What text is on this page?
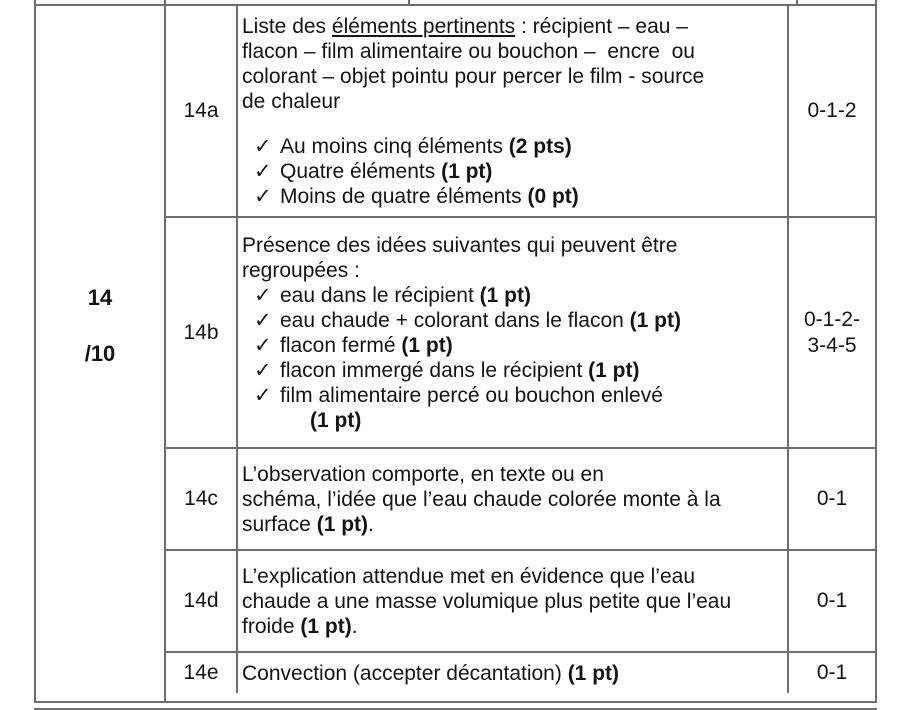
14
/10
14a
Liste des éléments pertinents : récipient – eau –
flacon – film alimentaire ou bouchon –  encre  ou
colorant – objet pointu pour percer le film - source
de chaleur
✓ Au moins cinq éléments (2 pts)
✓ Quatre éléments (1 pt)
✓ Moins de quatre éléments (0 pt)
0-1-2
14b
Présence des idées suivantes qui peuvent être
regroupées :
✓ eau dans le récipient (1 pt)
✓ eau chaude + colorant dans le flacon (1 pt)
✓ flacon fermé (1 pt)
✓ flacon immergé dans le récipient (1 pt)
✓ film alimentaire percé ou bouchon enlevé
(1 pt)
0-1-2-
3-4-5
14c
L’observation comporte, en texte ou en
schéma, l’idée que l’eau chaude colorée monte à la
surface (1 pt).
0-1
14d
L’explication attendue met en évidence que l’eau
chaude a une masse volumique plus petite que l’eau
froide (1 pt).
0-1
14e	Convection (accepter décantation) (1 pt)	0-1
